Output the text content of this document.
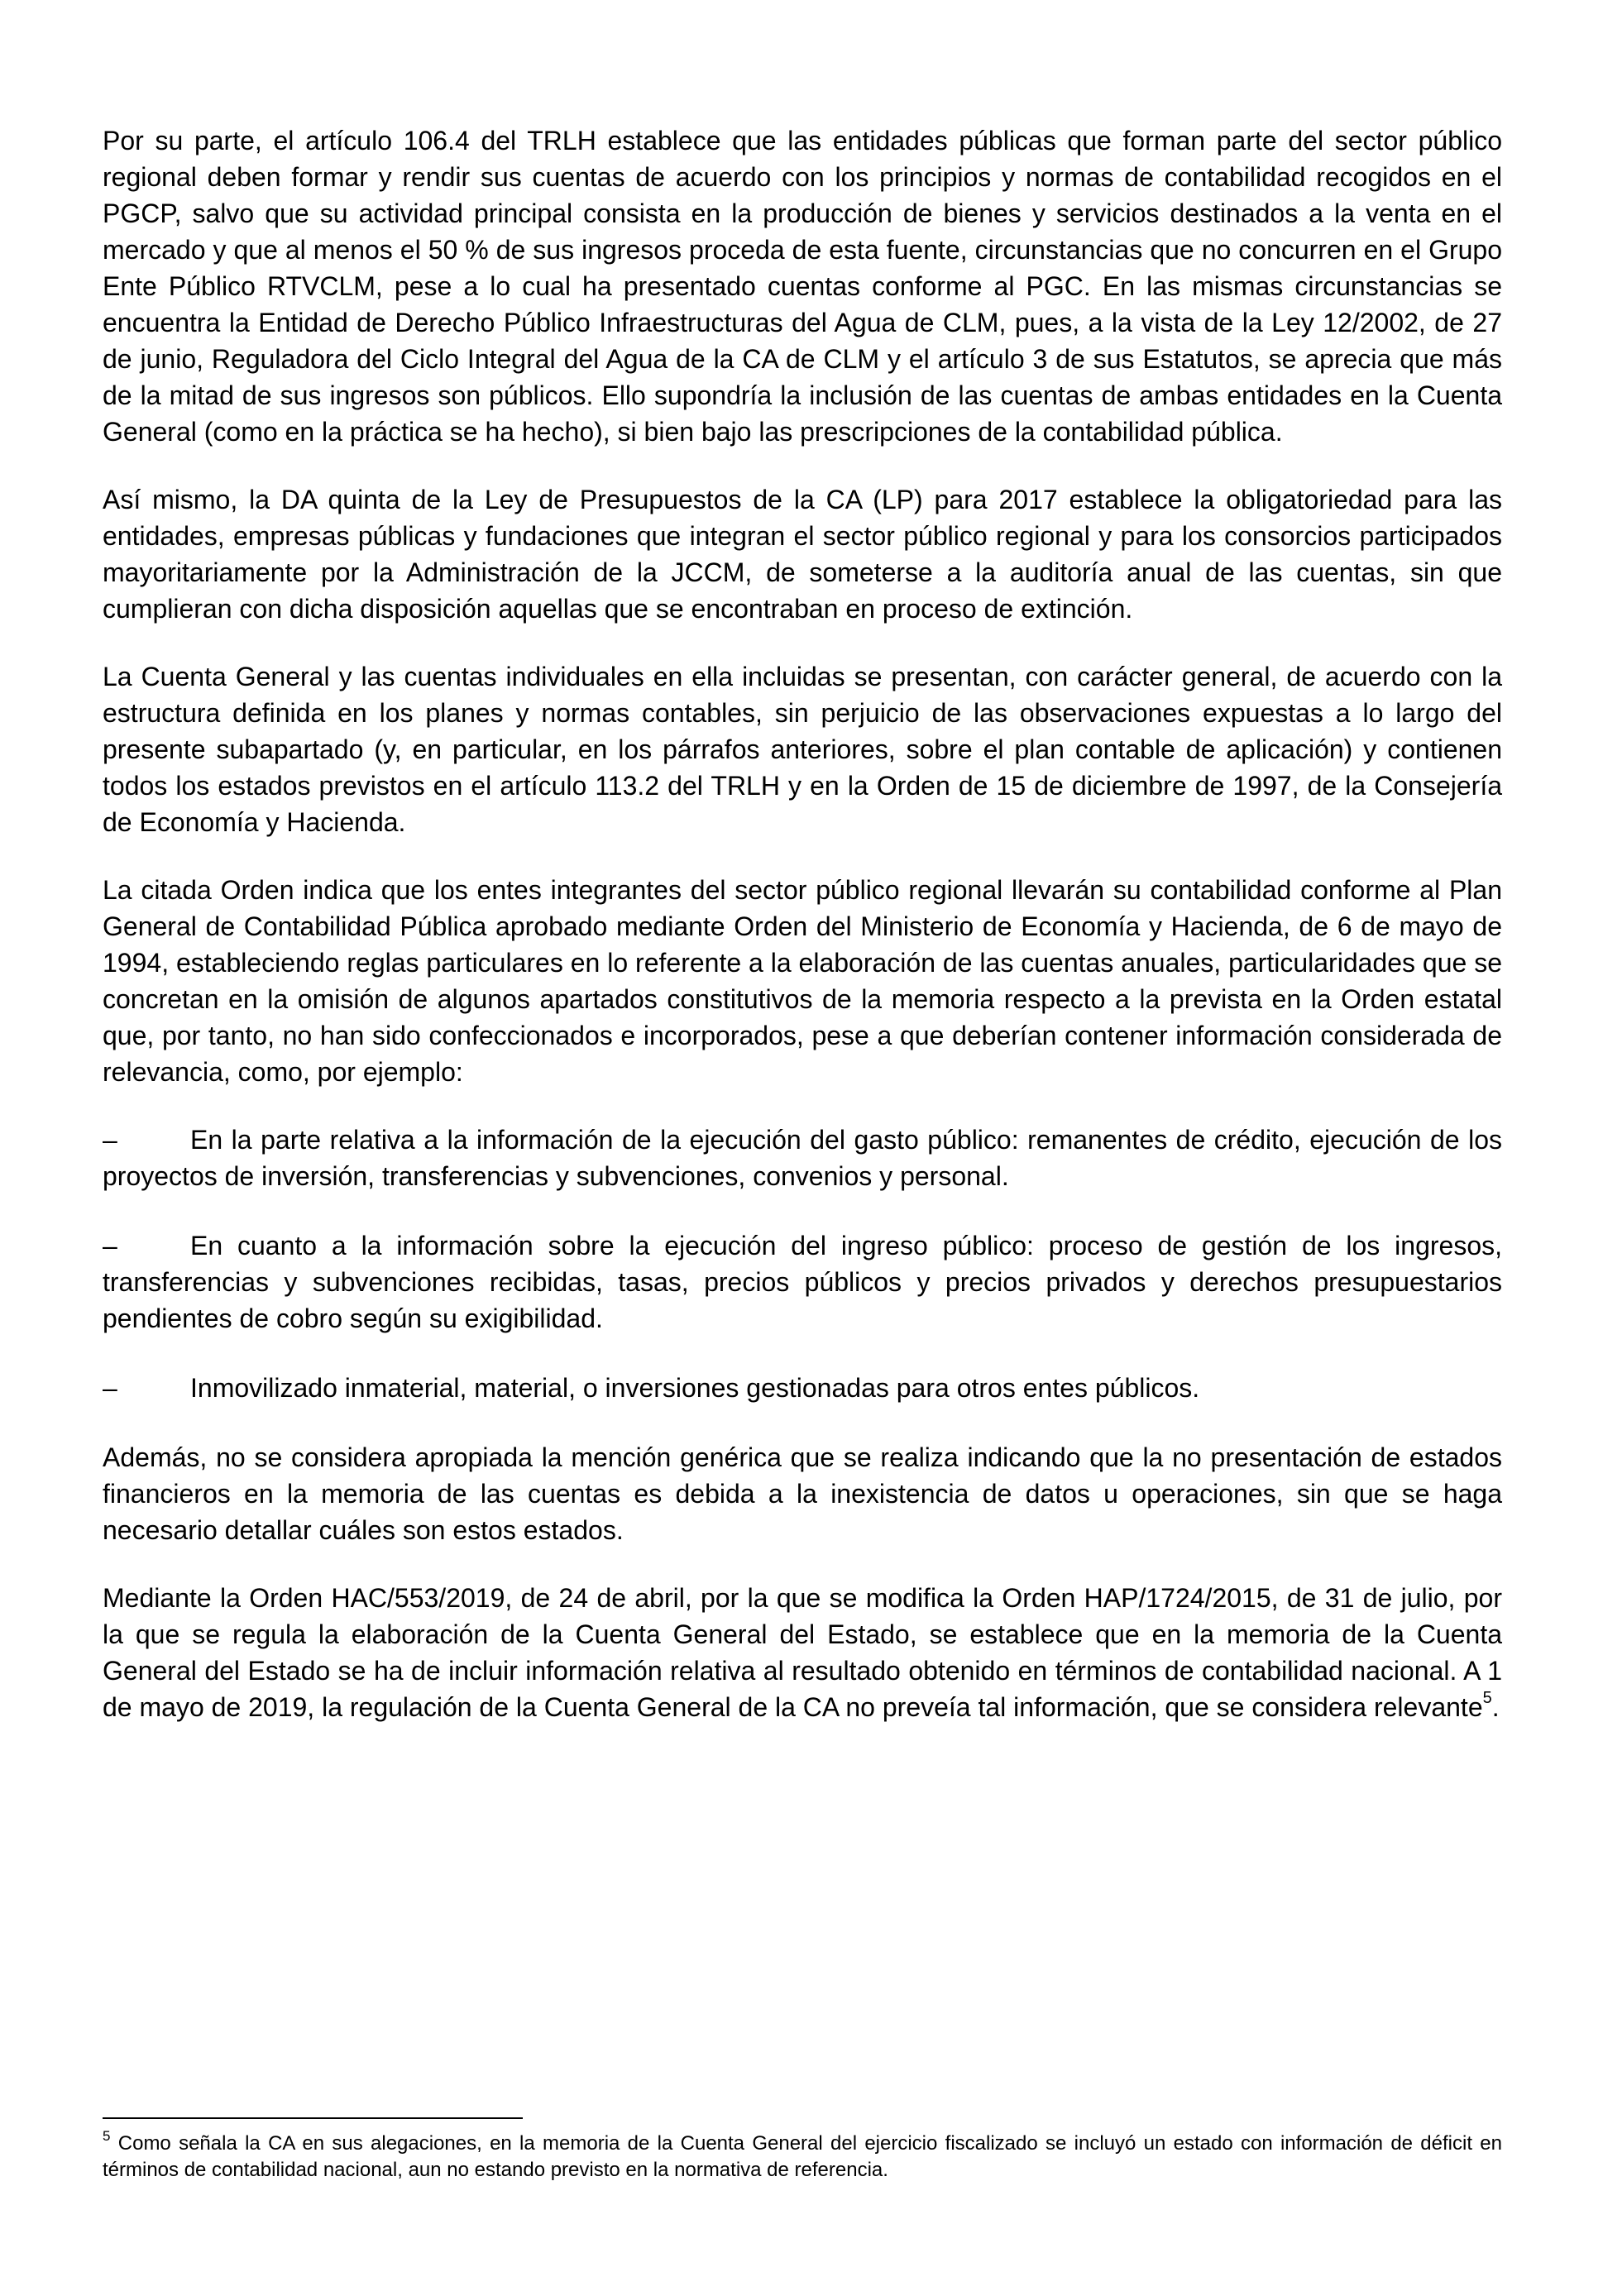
Por su parte, el artículo 106.4 del TRLH establece que las entidades públicas que forman parte del sector público regional deben formar y rendir sus cuentas de acuerdo con los principios y normas de contabilidad recogidos en el PGCP, salvo que su actividad principal consista en la producción de bienes y servicios destinados a la venta en el mercado y que al menos el 50 % de sus ingresos proceda de esta fuente, circunstancias que no concurren en el Grupo Ente Público RTVCLM, pese a lo cual ha presentado cuentas conforme al PGC. En las mismas circunstancias se encuentra la Entidad de Derecho Público Infraestructuras del Agua de CLM, pues, a la vista de la Ley 12/2002, de 27 de junio, Reguladora del Ciclo Integral del Agua de la CA de CLM y el artículo 3 de sus Estatutos, se aprecia que más de la mitad de sus ingresos son públicos. Ello supondría la inclusión de las cuentas de ambas entidades en la Cuenta General (como en la práctica se ha hecho), si bien bajo las prescripciones de la contabilidad pública.

Así mismo, la DA quinta de la Ley de Presupuestos de la CA (LP) para 2017 establece la obligatoriedad para las entidades, empresas públicas y fundaciones que integran el sector público regional y para los consorcios participados mayoritariamente por la Administración de la JCCM, de someterse a la auditoría anual de las cuentas, sin que cumplieran con dicha disposición aquellas que se encontraban en proceso de extinción.

La Cuenta General y las cuentas individuales en ella incluidas se presentan, con carácter general, de acuerdo con la estructura definida en los planes y normas contables, sin perjuicio de las observaciones expuestas a lo largo del presente subapartado (y, en particular, en los párrafos anteriores, sobre el plan contable de aplicación) y contienen todos los estados previstos en el artículo 113.2 del TRLH y en la Orden de 15 de diciembre de 1997, de la Consejería de Economía y Hacienda.

La citada Orden indica que los entes integrantes del sector público regional llevarán su contabilidad conforme al Plan General de Contabilidad Pública aprobado mediante Orden del Ministerio de Economía y Hacienda, de 6 de mayo de 1994, estableciendo reglas particulares en lo referente a la elaboración de las cuentas anuales, particularidades que se concretan en la omisión de algunos apartados constitutivos de la memoria respecto a la prevista en la Orden estatal que, por tanto, no han sido confeccionados e incorporados, pese a que deberían contener información considerada de relevancia, como, por ejemplo:

–	En la parte relativa a la información de la ejecución del gasto público: remanentes de crédito, ejecución de los proyectos de inversión, transferencias y subvenciones, convenios y personal.
–	En cuanto a la información sobre la ejecución del ingreso público: proceso de gestión de los ingresos, transferencias y subvenciones recibidas, tasas, precios públicos y precios privados y derechos presupuestarios pendientes de cobro según su exigibilidad.
–	Inmovilizado inmaterial, material, o inversiones gestionadas para otros entes públicos.

Además, no se considera apropiada la mención genérica que se realiza indicando que la no presentación de estados financieros en la memoria de las cuentas es debida a la inexistencia de datos u operaciones, sin que se haga necesario detallar cuáles son estos estados.

Mediante la Orden HAC/553/2019, de 24 de abril, por la que se modifica la Orden HAP/1724/2015, de 31 de julio, por la que se regula la elaboración de la Cuenta General del Estado, se establece que en la memoria de la Cuenta General del Estado se ha de incluir información relativa al resultado obtenido en términos de contabilidad nacional. A 1 de mayo de 2019, la regulación de la Cuenta General de la CA no preveía tal información, que se considera relevante$^5$.

$^5$ Como señala la CA en sus alegaciones, en la memoria de la Cuenta General del ejercicio fiscalizado se incluyó un estado con información de déficit en términos de contabilidad nacional, aun no estando previsto en la normativa de referencia.
